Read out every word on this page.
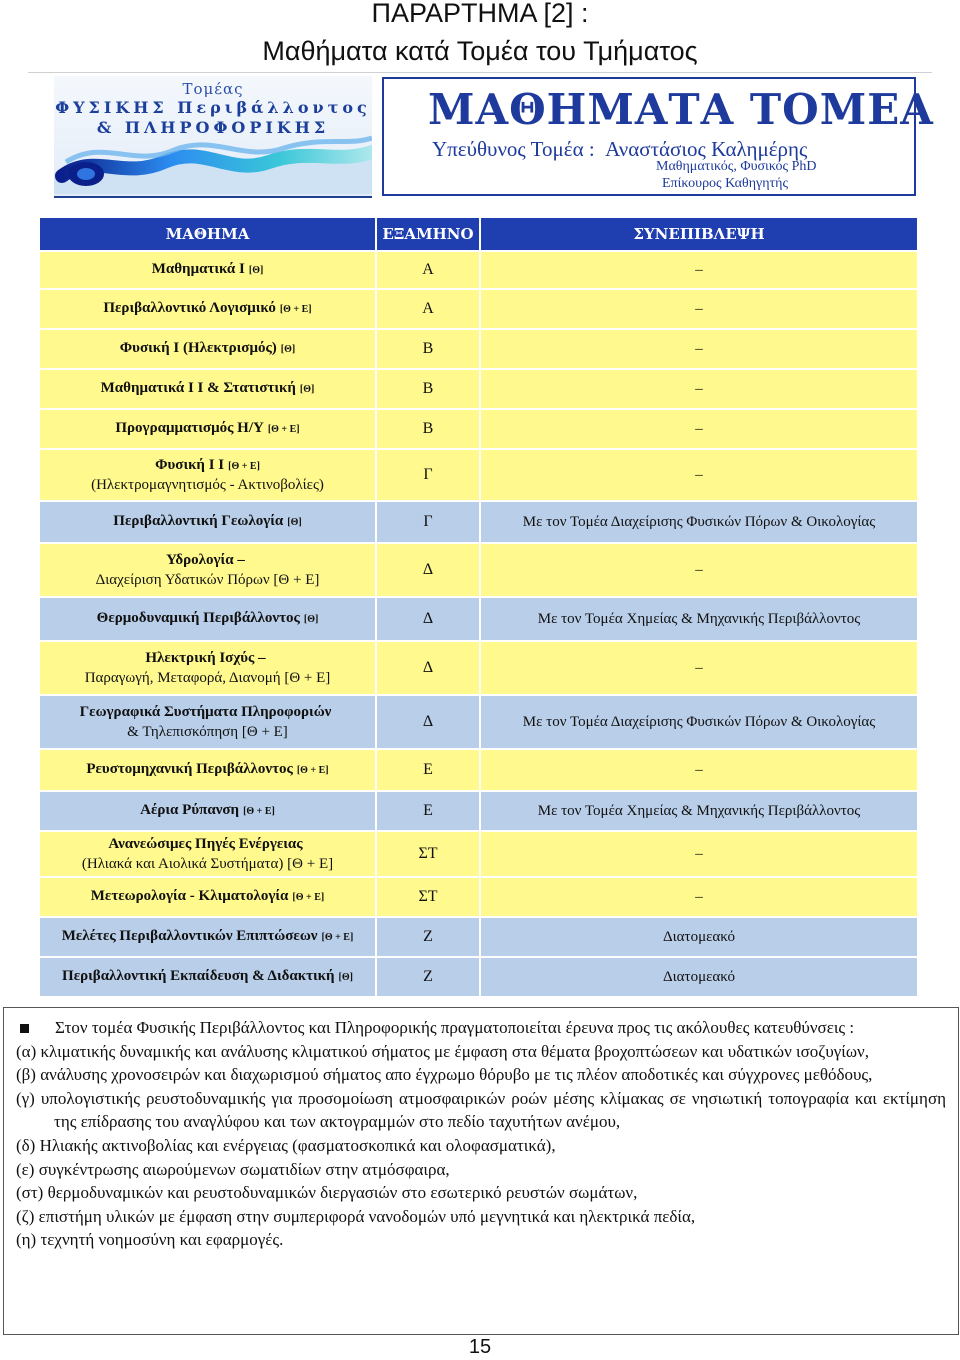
ΠΑΡΑΡΤΗΜΑ [2] :
Μαθήματα κατά Τομέα του Τμήματος
Τομέας
ΦΥΣΙΚΗΣ Περιβάλλοντος
& ΠΛΗΡΟΦΟΡΙΚΗΣ	ΜΑΘΗΜΑΤΑ ΤΟΜΕΑ
Υπεύθυνος Τομέα : Αναστάσιος Καλημέρης
Μαθηματικός, Φυσικός PhD
Επίκουρος Καθηγητής
ΜΑΘΗΜΑ	ΕΞΑΜΗΝΟ	ΣΥΝΕΠΙΒΛΕΨΗ
Μαθηματικά Ι [Θ]	Α	–
Περιβαλλοντικό Λογισμικό [Θ + Ε]	Α	–
Φυσική Ι (Ηλεκτρισμός) [Θ]	Β	–
Μαθηματικά Ι Ι & Στατιστική [Θ]	Β	–
Προγραμματισμός Η/Υ [Θ + Ε]	Β	–
Φυσική Ι Ι [Θ + Ε]
(Ηλεκτρομαγνητισμός - Ακτινοβολίες)	Γ	–
Περιβαλλοντική Γεωλογία [Θ]	Γ	Με τον Τομέα Διαχείρισης Φυσικών Πόρων & Οικολογίας
Υδρολογία –
Διαχείριση Υδατικών Πόρων [Θ + Ε]	Δ	–
Θερμοδυναμική Περιβάλλοντος [Θ]	Δ	Με τον Τομέα Χημείας & Μηχανικής Περιβάλλοντος
Ηλεκτρική Ισχύς –
Παραγωγή, Μεταφορά, Διανομή [Θ + Ε]	Δ	–
Γεωγραφικά Συστήματα Πληροφοριών
& Τηλεπισκόπηση [Θ + Ε]	Δ	Με τον Τομέα Διαχείρισης Φυσικών Πόρων & Οικολογίας
Ρευστομηχανική Περιβάλλοντος [Θ + Ε]	Ε	–
Αέρια Ρύπανση [Θ + Ε]	Ε	Με τον Τομέα Χημείας & Μηχανικής Περιβάλλοντος
Ανανεώσιμες Πηγές Ενέργειας
(Ηλιακά και Αιολικά Συστήματα) [Θ + Ε]	ΣΤ	–
Μετεωρολογία - Κλιματολογία [Θ + Ε]	ΣΤ	–
Μελέτες Περιβαλλοντικών Επιπτώσεων [Θ + Ε]	Ζ	Διατομεακό
Περιβαλλοντική Εκπαίδευση & Διδακτική [Θ]	Ζ	Διατομεακό
Στον τομέα Φυσικής Περιβάλλοντος και Πληροφορικής πραγματοποιείται έρευνα προς τις ακόλουθες κατευθύνσεις :
(α) κλιματικής δυναμικής και ανάλυσης κλιματικού σήματος με έμφαση στα θέματα βροχοπτώσεων και υδατικών ισοζυγίων,
(β) ανάλυσης χρονοσειρών και διαχωρισμού σήματος απο έγχρωμο θόρυβο με τις πλέον αποδοτικές και σύγχρονες μεθόδους,
(γ) υπολογιστικής ρευστοδυναμικής για προσομοίωση ατμοσφαιρικών ροών μέσης κλίμακας σε νησιωτική τοπογραφία και εκτίμηση της επίδρασης του αναγλύφου και των ακτογραμμών στο πεδίο ταχυτήτων ανέμου,
(δ) Ηλιακής ακτινοβολίας και ενέργειας (φασματοσκοπικά και ολοφασματικά),
(ε) συγκέντρωσης αιωρούμενων σωματιδίων στην ατμόσφαιρα,
(στ) θερμοδυναμικών και ρευστοδυναμικών διεργασιών στο εσωτερικό ρευστών σωμάτων,
(ζ) επιστήμη υλικών με έμφαση στην συμπεριφορά νανοδομών υπό μεγνητικά και ηλεκτρικά πεδία,
(η) τεχνητή νοημοσύνη και εφαρμογές.
15
